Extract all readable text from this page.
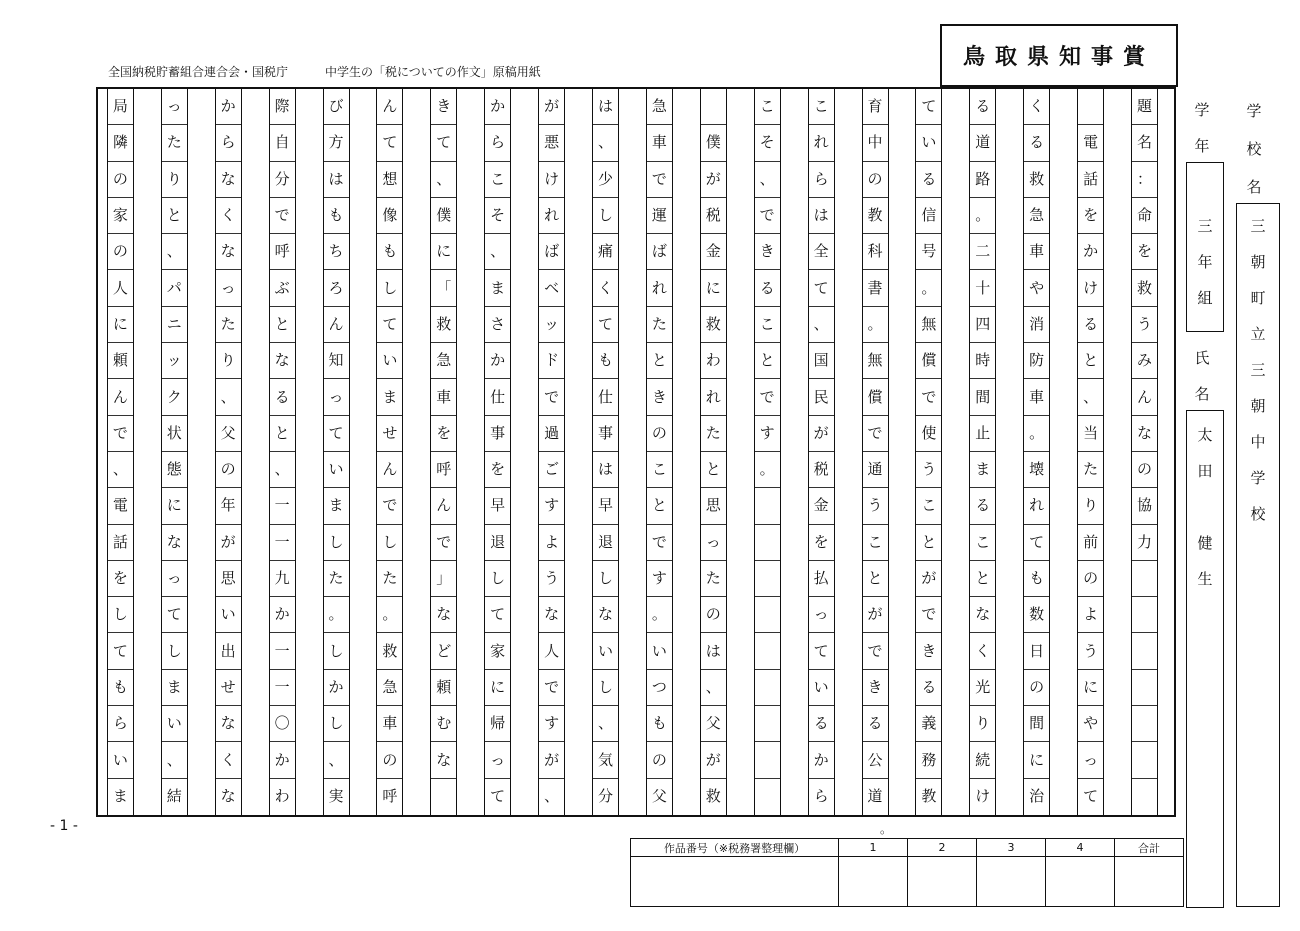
全国納税貯蓄組合連合会・国税庁	中学生の「税についての作文」原稿用紙
鳥取県知事賞
題
名
：
命
を
救
う
み
ん
な
の
協
力
電
話
を
か
け
る
と
、
当
た
り
前
の
よ
う
に
や
っ
て
く
る
救
急
車
や
消
防
車
。
壊
れ
て
も
数
日
の
間
に
治
る
道
路
。
二
十
四
時
間
止
ま
る
こ
と
な
く
光
り
続
け
て
い
る
信
号
。
無
償
で
使
う
こ
と
が
で
き
る
義
務
教
育
中
の
教
科
書
。
無
償
で
通
う
こ
と
が
で
き
る
公
道
こ
れ
ら
は
全
て
、
国
民
が
税
金
を
払
っ
て
い
る
か
ら
こ
そ
、
で
き
る
こ
と
で
す
。
僕
が
税
金
に
救
わ
れ
た
と
思
っ
た
の
は
、
父
が
救
急
車
で
運
ば
れ
た
と
き
の
こ
と
で
す
。
い
つ
も
の
父
は
、
少
し
痛
く
て
も
仕
事
は
早
退
し
な
い
し
、
気
分
が
悪
け
れ
ば
ベ
ッ
ド
で
過
ご
す
よ
う
な
人
で
す
が
、
か
ら
こ
そ
、
ま
さ
か
仕
事
を
早
退
し
て
家
に
帰
っ
て
き
て
、
僕
に
「
救
急
車
を
呼
ん
で
」
な
ど
頼
む
な
ん
て
想
像
も
し
て
い
ま
せ
ん
で
し
た
。
救
急
車
の
呼
び
方
は
も
ち
ろ
ん
知
っ
て
い
ま
し
た
。
し
か
し
、
実
際
自
分
で
呼
ぶ
と
な
る
と
、
一
一
九
か
一
一
〇
か
わ
か
ら
な
く
な
っ
た
り
、
父
の
年
が
思
い
出
せ
な
く
な
っ
た
り
と
、
パ
ニ
ッ
ク
状
態
に
な
っ
て
し
ま
い
、
結
局
隣
の
家
の
人
に
頼
ん
で
、
電
話
を
し
て
も
ら
い
ま
学
年
三
年
組
氏
名
太
田
健
生
学
校
名
三
朝
町
立
三
朝
中
学
校
- 1 -	。
作品番号（※税務署整理欄）	1	2	3	4	合計
